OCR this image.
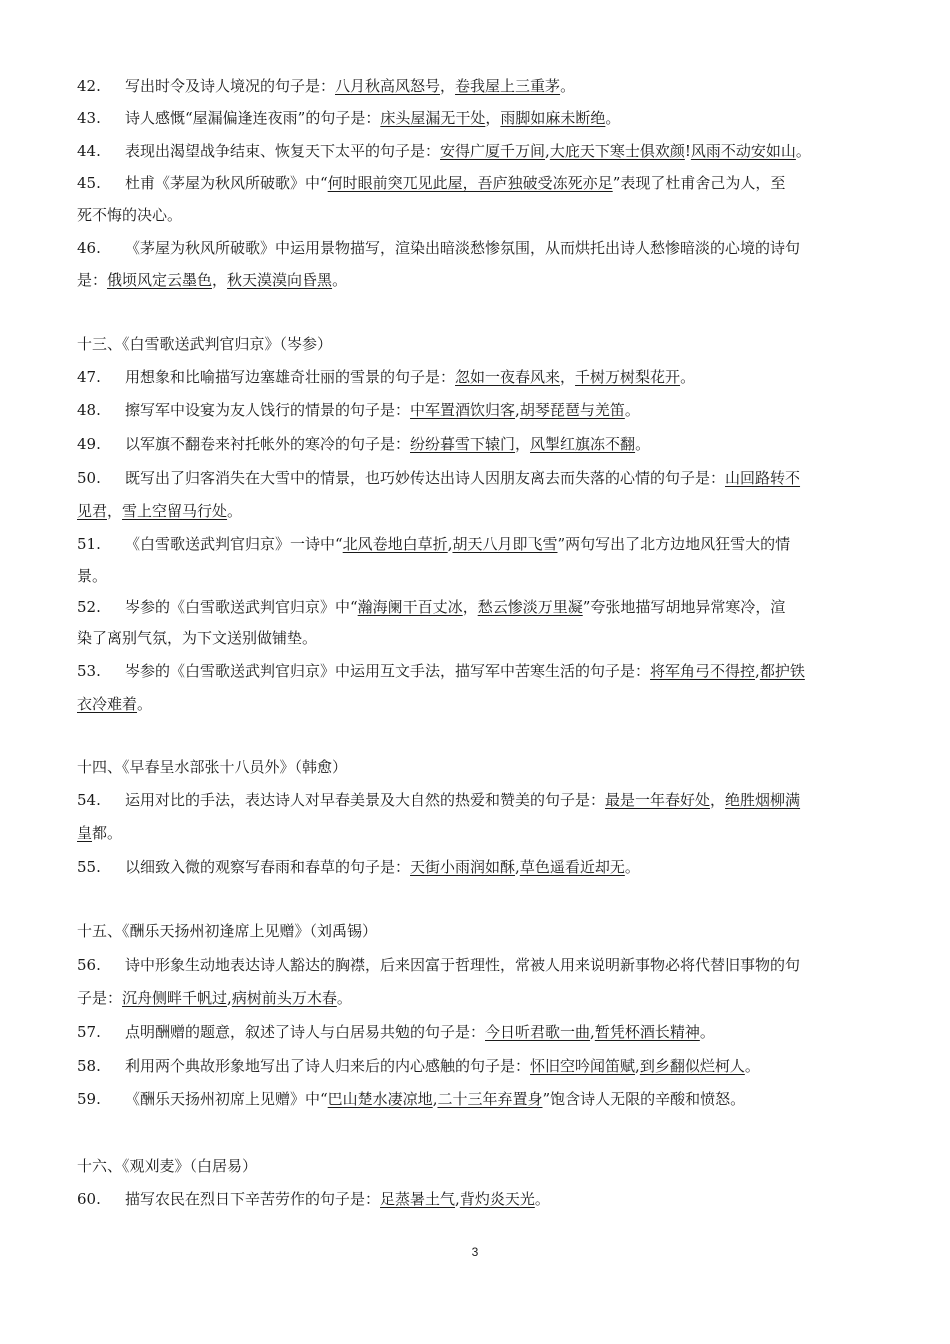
42. 写出时令及诗人境况的句子是：八月秋高风怒号，卷我屋上三重茅。
43. 诗人感慨“屋漏偏逢连夜雨”的句子是：床头屋漏无干处，雨脚如麻未断绝。
44. 表现出渴望战争结束、恢复天下太平的句子是：安得广厦千万间,大庇天下寒士俱欢颜!风雨不动安如山。
45. 杜甫《茅屋为秋风所破歌》中“何时眼前突兀见此屋，吾庐独破受冻死亦足”表现了杜甫舍己为人，至
死不悔的决心。
46. 《茅屋为秋风所破歌》中运用景物描写，渲染出暗淡愁惨氛围，从而烘托出诗人愁惨暗淡的心境的诗句
是：俄顷风定云墨色，秋天漠漠向昏黑。
十三、《白雪歌送武判官归京》（岑参）
47. 用想象和比喻描写边塞雄奇壮丽的雪景的句子是：忽如一夜春风来，千树万树梨花开。
48. 擦写军中设宴为友人饯行的情景的句子是：中军置酒饮归客,胡琴琵琶与羌笛。
49. 以军旗不翻卷来衬托帐外的寒冷的句子是：纷纷暮雪下辕门，风掣红旗冻不翻。
50. 既写出了归客消失在大雪中的情景，也巧妙传达出诗人因朋友离去而失落的心情的句子是：山回路转不
见君，雪上空留马行处。
51. 《白雪歌送武判官归京》一诗中“北风卷地白草折,胡天八月即飞雪”两句写出了北方边地风狂雪大的情
景。
52. 岑参的《白雪歌送武判官归京》中“瀚海阑干百丈冰，愁云惨淡万里凝”夸张地描写胡地异常寒冷，渲
染了离别气氛，为下文送别做铺垫。
53. 岑参的《白雪歌送武判官归京》中运用互文手法，描写军中苦寒生活的句子是：将军角弓不得控,都护铁
衣冷难着。
十四、《早春呈水部张十八员外》（韩愈）
54. 运用对比的手法，表达诗人对早春美景及大自然的热爱和赞美的句子是：最是一年春好处，绝胜烟柳满
皇都。
55. 以细致入微的观察写春雨和春草的句子是：天街小雨润如酥,草色遥看近却无。
十五、《酬乐天扬州初逢席上见赠》（刘禹锡）
56. 诗中形象生动地表达诗人豁达的胸襟，后来因富于哲理性，常被人用来说明新事物必将代替旧事物的句
子是：沉舟侧畔千帆过,病树前头万木春。
57. 点明酬赠的题意，叙述了诗人与白居易共勉的句子是：今日听君歌一曲,暂凭杯酒长精神。
58. 利用两个典故形象地写出了诗人归来后的内心感触的句子是：怀旧空吟闻笛赋,到乡翻似烂柯人。
59. 《酬乐天扬州初席上见赠》中“巴山楚水凄凉地,二十三年弃置身”饱含诗人无限的辛酸和愤怒。
十六、《观刈麦》（白居易）
60. 描写农民在烈日下辛苦劳作的句子是：足蒸暑土气,背灼炎天光。
3
